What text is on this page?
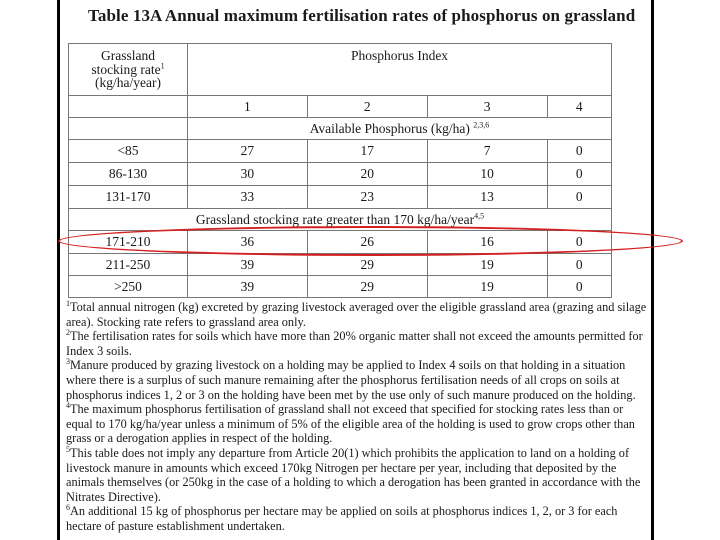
Table 13A Annual maximum fertilisation rates of phosphorus on grassland
Grassland
stocking rate$^1$
(kg/ha/year)	Phosphorus Index			

	1	2	3	4
	Available Phosphorus (kg/ha) $^{2,3,6}$
<85	27	17	7	0
86-130	30	20	10	0
131-170	33	23	13	0
Grassland stocking rate greater than 170 kg/ha/year$^{4,5}$
171-210	36	26	16	0
211-250	39	29	19	0
>250	39	29	19	0

$^1$Total annual nitrogen (kg) excreted by grazing livestock averaged over the eligible grassland area (grazing and silage area). Stocking rate refers to grassland area only.

$^2$The fertilisation rates for soils which have more than 20% organic matter shall not exceed the amounts permitted for Index 3 soils.

$^3$Manure produced by grazing livestock on a holding may be applied to Index 4 soils on that holding in a situation where there is a surplus of such manure remaining after the phosphorus fertilisation needs of all crops on soils at phosphorus indices 1, 2 or 3 on the holding have been met by the use only of such manure produced on the holding.

$^4$The maximum phosphorus fertilisation of grassland shall not exceed that specified for stocking rates less than or equal to 170 kg/ha/year unless a minimum of 5% of the eligible area of the holding is used to grow crops other than grass or a derogation applies in respect of the holding.

$^5$This table does not imply any departure from Article 20(1) which prohibits the application to land on a holding of livestock manure in amounts which exceed 170kg Nitrogen per hectare per year, including that deposited by the animals themselves (or 250kg in the case of a holding to which a derogation has been granted in accordance with the Nitrates Directive).

$^6$An additional 15 kg of phosphorus per hectare may be applied on soils at phosphorus indices 1, 2, or 3 for each hectare of pasture establishment undertaken.
